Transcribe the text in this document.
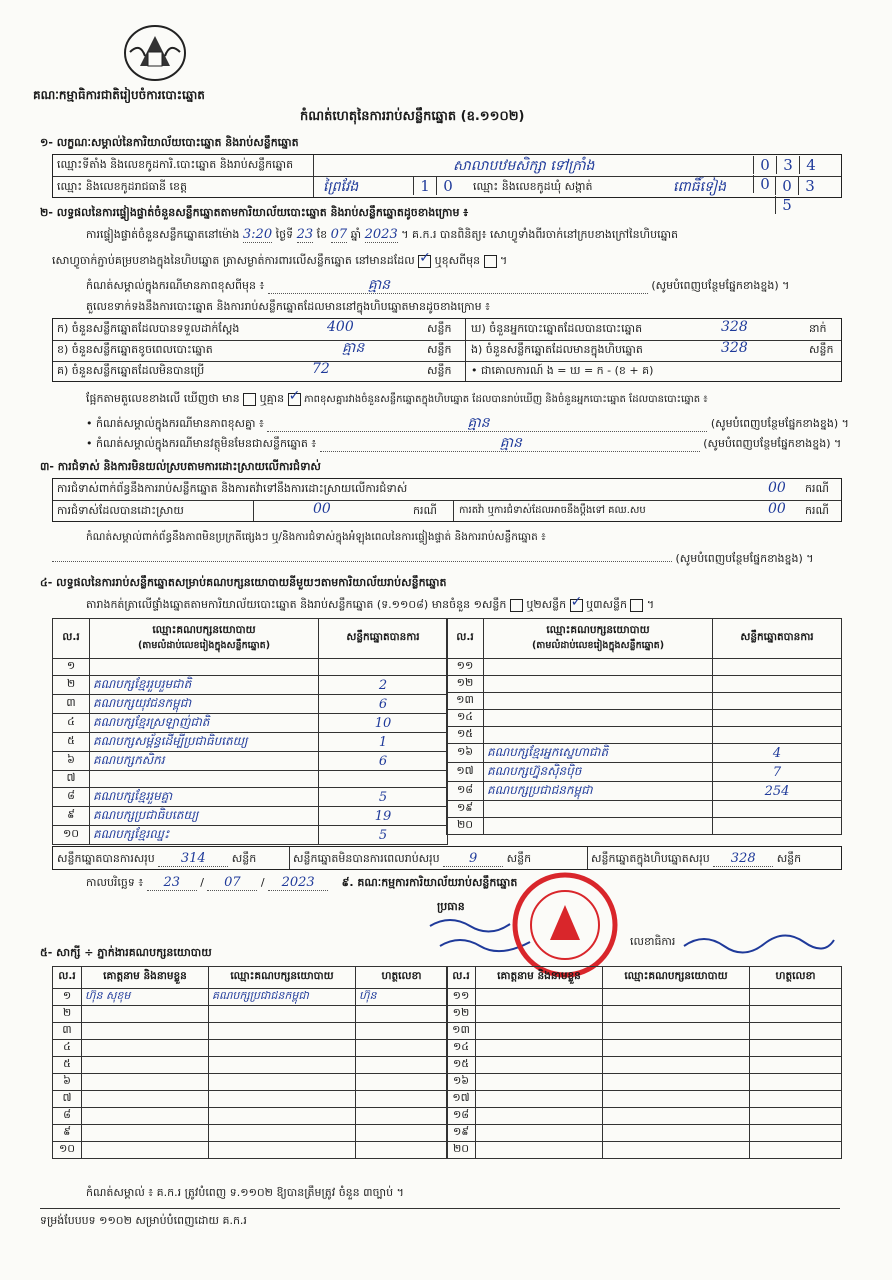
គណៈកម្មាធិការជាតិរៀបចំការបោះឆ្នោត
កំណត់ហេតុនៃការរាប់សន្លឹកឆ្នោត (ឧ.១១០២)
១- លក្ខណៈសម្គាល់នៃការិយាល័យបោះឆ្នោត និងរាប់សន្លឹកឆ្នោត
ឈ្មោះទីតាំង និងលេខកូដការិ.បោះឆ្នោត និងរាប់សន្លឹកឆ្នោត	សាលាបឋមសិក្សា ទៅក្រាំង	0 3 40
ឈ្មោះ និងលេខកូដរាជធានី ខេត្ត	ព្រៃវែង	1 0	ឈ្មោះ និងលេខកូដឃុំ សង្កាត់	ពោធិ៍ទៀង	0 35
២- លទ្ធផលនៃការផ្ទៀងផ្ទាត់ចំនួនសន្លឹកឆ្នោតតាមការិយាល័យបោះឆ្នោត និងរាប់សន្លឹកឆ្នោតដូចខាងក្រោម ៖
ការផ្ទៀងផ្ទាត់ចំនួនសន្លឹកឆ្នោតនៅម៉ោង 3:20 ថ្ងៃទី 23 ខែ 07 ឆ្នាំ 2023 ។ គ.ក.រ បានពិនិត្យ៖ សោហ្វូទាំងពីរចាក់នៅក្របខាងក្រៅនៃហិបឆ្នោត
សោហ្វូចាក់ភ្ជាប់គម្របខាងក្នុងនៃហិបឆ្នោត ត្រាសម្ងាត់ការពារលើសន្លឹកឆ្នោត នៅមានដដែល ✓ ឬខុសពីមុន  ។
កំណត់សម្គាល់ក្នុងករណីមានភាពខុសពីមុន ៖	គ្មាន	(សូមបំពេញបន្ថែមផ្នែកខាងខ្នង) ។
តួលេខទាក់ទងនឹងការបោះឆ្នោត និងការរាប់សន្លឹកឆ្នោតដែលមាននៅក្នុងហិបឆ្នោតមានដូចខាងក្រោម ៖
ក) ចំនួនសន្លឹកឆ្នោតដែលបានទទួលដាក់ស្ដែង	400	សន្លឹក
ខ) ចំនួនសន្លឹកឆ្នោតខូចពេលបោះឆ្នោត	គ្មាន	សន្លឹក
គ) ចំនួនសន្លឹកឆ្នោតដែលមិនបានប្រើ	72	សន្លឹក
ឃ) ចំនួនអ្នកបោះឆ្នោតដែលបានបោះឆ្នោត	328	នាក់
ង) ចំនួនសន្លឹកឆ្នោតដែលមានក្នុងហិបឆ្នោត	328	សន្លឹក
• ជាគោលការណ៍ ង = ឃ = ក - (ខ + គ)
ផ្អែកតាមតួលេខខាងលើ ឃើញថា មាន ឬគ្មាន ✓ ភាពខុសគ្នារវាងចំនួនសន្លឹកឆ្នោតក្នុងហិបឆ្នោត ដែលបានរាប់ឃើញ និងចំនួនអ្នកបោះឆ្នោត ដែលបានបោះឆ្នោត ៖
• កំណត់សម្គាល់ក្នុងករណីមានភាពខុសគ្នា ៖	គ្មាន	(សូមបំពេញបន្ថែមផ្នែកខាងខ្នង) ។
• កំណត់សម្គាល់ក្នុងករណីមានវត្ថុមិនមែនជាសន្លឹកឆ្នោត ៖	គ្មាន	(សូមបំពេញបន្ថែមផ្នែកខាងខ្នង) ។
៣- ការជំទាស់ និងការមិនយល់ស្របតាមការដោះស្រាយលើការជំទាស់
ការជំទាស់ពាក់ព័ន្ធនឹងការរាប់សន្លឹកឆ្នោត និងការតវ៉ាទៅនឹងការដោះស្រាយលើការជំទាស់	00 ករណី
ការជំទាស់ដែលបានដោះស្រាយ	00	ករណី ការតវ៉ា ឬការជំទាស់ដែលអាចនឹងប្ដឹងទៅ គឈ.សប	00 ករណី
កំណត់សម្គាល់ពាក់ព័ន្ធនឹងភាពមិនប្រក្រតីផ្សេងៗ ឬ/និងការជំទាស់ក្នុងអំឡុងពេលនៃការផ្ទៀងផ្ទាត់ និងការរាប់សន្លឹកឆ្នោត ៖
(សូមបំពេញបន្ថែមផ្នែកខាងខ្នង) ។
៤- លទ្ធផលនៃការរាប់សន្លឹកឆ្នោតសម្រាប់គណបក្សនយោបាយនីមួយៗតាមការិយាល័យរាប់សន្លឹកឆ្នោត
តារាងកត់ត្រាលើផ្ទាំងឆ្នោតតាមការិយាល័យបោះឆ្នោត និងរាប់សន្លឹកឆ្នោត (ទ.១១០៨) មានចំនួន ១សន្លឹក ឬ២សន្លឹក ✓ ឬ៣សន្លឹក  ។
ល.រ	ឈ្មោះគណបក្សនយោបាយ
(តាមលំដាប់លេខរៀងក្នុងសន្លឹកឆ្នោត)	សន្លឹកឆ្នោតបានការ
១		
២	គណបក្សខ្មែររួបរួមជាតិ	2
៣	គណបក្សយុវជនកម្ពុជា	6
៤	គណបក្សខ្មែរស្រឡាញ់ជាតិ	10
៥	គណបក្សសម្ព័ន្ធដើម្បីប្រជាធិបតេយ្យ	1
៦	គណបក្សកសិករ	6
៧		
៨	គណបក្សខ្មែររួមគ្នា	5
៩	គណបក្សប្រជាធិបតេយ្យ	19
១០	គណបក្សខ្មែរឈ្នះ	5
ល.រ	ឈ្មោះគណបក្សនយោបាយ
(តាមលំដាប់លេខរៀងក្នុងសន្លឹកឆ្នោត)	សន្លឹកឆ្នោតបានការ
១១		
១២		
១៣		
១៤		
១៥		
១៦	គណបក្សខ្មែរអ្នកស្នេហាជាតិ	4
១៧	គណបក្សហ្វ៊ុនស៊ិនប៉ិច	7
១៨	គណបក្សប្រជាជនកម្ពុជា	254
១៩		
២០		
សន្លឹកឆ្នោតបានការសរុប 314 សន្លឹក	សន្លឹកឆ្នោតមិនបានការពេលរាប់សរុប 9	សន្លឹក	សន្លឹកឆ្នោតក្នុងហិបឆ្នោតសរុប 328 សន្លឹក
កាលបរិច្ឆេទ ៖ 23 / 07 / 2023 ៩. គណៈកម្មការការិយាល័យរាប់សន្លឹកឆ្នោត
ប្រធាន
លេខាធិការ
៥- សាក្សី ÷ ភ្នាក់ងារគណបក្សនយោបាយ
ល.រ	គោត្តនាម និងនាមខ្លួន	ឈ្មោះគណបក្សនយោបាយ	ហត្ថលេខា
១	ហ៊ុន សុខុម	គណបក្សប្រជាជនកម្ពុជា	ហ៊ុន
២			
៣			
៤			
៥			
៦			
៧			
៨			
៩			
១០			
ល.រ	គោត្តនាម និងនាមខ្លួន	ឈ្មោះគណបក្សនយោបាយ	ហត្ថលេខា
១១			
១២			
១៣			
១៤			
១៥			
១៦			
១៧			
១៨			
១៩			
២០			
កំណត់សម្គាល់ ៖ គ.ក.រ ត្រូវបំពេញ ទ.១១០២ ឱ្យបានត្រឹមត្រូវ ចំនួន ៣ច្បាប់ ។
ទម្រង់បែបបទ ១១០២ សម្រាប់បំពេញដោយ គ.ក.រ
